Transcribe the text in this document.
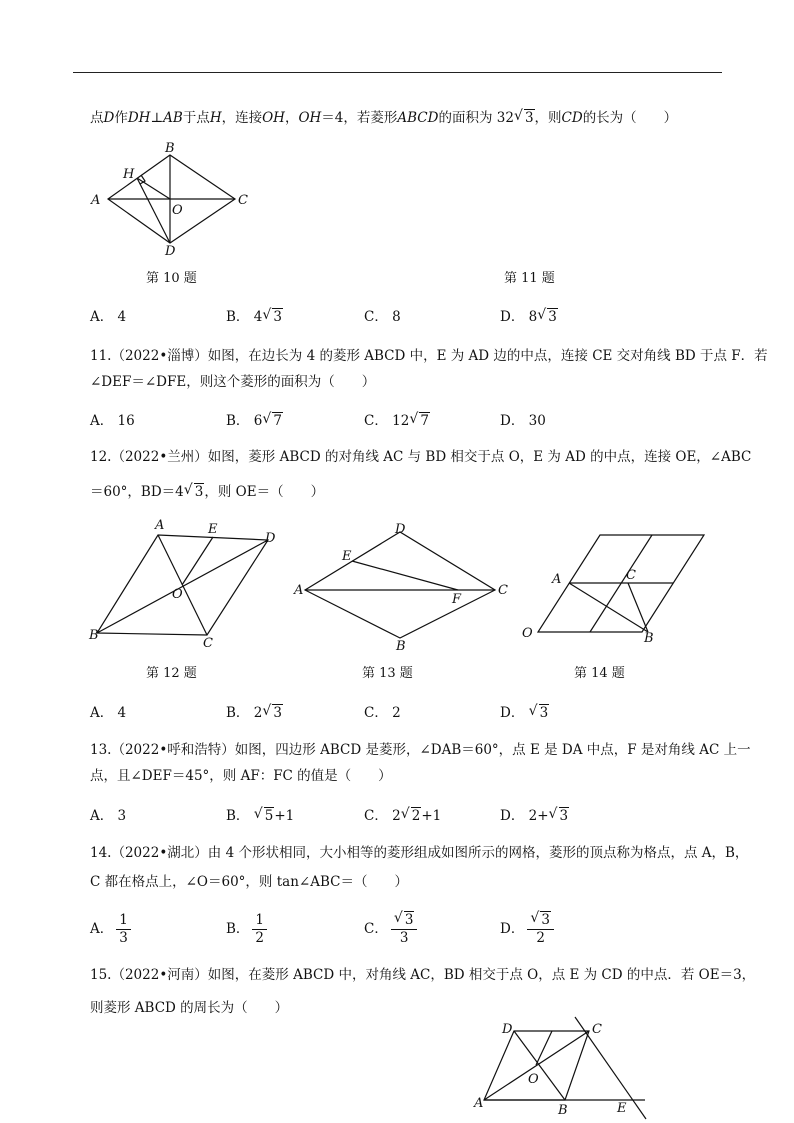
点D作DH⊥AB于点H，连接OH，OH＝4，若菱形ABCD的面积为 32 √ 3，则CD的长为（　　）
A
B
C
D
H
O
第 10 题	第 11 题
A． 4	B． 4 √ 3	C． 8	D． 8 √ 3
11.（2022•淄博）如图，在边长为 4 的菱形 ABCD 中，E 为 AD 边的中点，连接 CE 交对角线 BD 于点 F．若
∠DEF＝∠DFE，则这个菱形的面积为（　　）
A． 16	B． 6 √ 7	C． 12 √ 7	D． 30
12.（2022•兰州）如图，菱形 ABCD 的对角线 AC 与 BD 相交于点 O，E 为 AD 的中点，连接 OE，∠ABC
＝60°，BD＝4 √ 3，则 OE＝（　　）
A	E
D
O
B
C
A
D
E
F
C
B
A	C
O	B
第 12 题	第 13 题	第 14 题
A． 4	B． 2 √ 3	C． 2	D． √ 3
13.（2022•呼和浩特）如图，四边形 ABCD 是菱形，∠DAB＝60°，点 E 是 DA 中点，F 是对角线 AC 上一
点，且∠DEF＝45°，则 AF：FC 的值是（　　）
A． 3	B． √ 5+1	C． 2 √ 2+1	D． 2+ √ 3
14.（2022•湖北）由 4 个形状相同，大小相等的菱形组成如图所示的网格，菱形的顶点称为格点，点 A，B，
C 都在格点上，∠O＝60°，则 tan∠ABC＝（　　）
A． $\frac{1}{3}$	B． $\frac{1}{2}$	C． √ $\frac{3}{3}$	D． √ $\frac{3}{2}$
15.（2022•河南）如图，在菱形 ABCD 中，对角线 AC，BD 相交于点 O，点 E 为 CD 的中点．若 OE＝3，
则菱形 ABCD 的周长为（　　）
D	C
O
A	B	E
